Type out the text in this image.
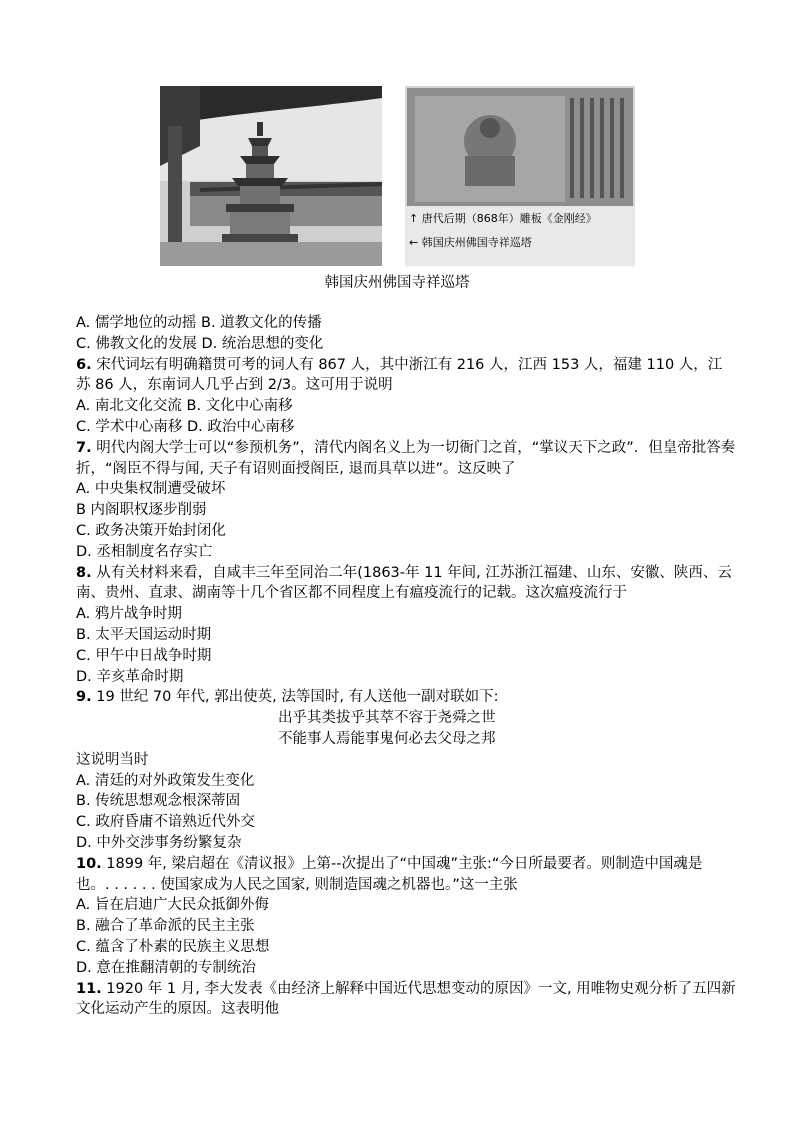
↑ 唐代后期（868年）雕板《金刚经》
← 韩国庆州佛国寺祥巡塔
韩国庆州佛国寺祥巡塔
A. 儒学地位的动摇 B. 道教文化的传播
C. 佛教文化的发展 D. 统治思想的变化
6. 宋代词坛有明确籍贯可考的词人有 867 人，其中浙江有 216 人，江西 153 人，福建 110 人，江苏 86 人，东南词人几乎占到 2/3。这可用于说明
A. 南北文化交流 B. 文化中心南移
C. 学术中心南移 D. 政治中心南移
7. 明代内阁大学士可以“参预机务”，清代内阁名义上为一切衙门之首，“掌议天下之政”．但皇帝批答奏折，“阁臣不得与闻, 天子有诏则面授阁臣, 退而具草以进”。这反映了
A. 中央集权制遭受破坏
B 内阁职权逐步削弱
C. 政务决策开始封闭化
D. 丞相制度名存实亡
8. 从有关材料来看，自咸丰三年至同治二年(1863-年 11 年间, 江苏浙江福建、山东、安徽、陕西、云南、贵州、直隶、湖南等十几个省区都不同程度上有瘟疫流行的记载。这次瘟疫流行于
A. 鸦片战争时期
B. 太平天国运动时期
C. 甲午中日战争时期
D. 辛亥革命时期
9. 19 世纪 70 年代, 郭出使英, 法等国时, 有人送他一副对联如下:
出乎其类拔乎其萃不容于尧舜之世
不能事人焉能事鬼何必去父母之邦
这说明当时
A. 清廷的对外政策发生变化
B. 传统思想观念根深蒂固
C. 政府昏庸不谙熟近代外交
D. 中外交涉事务纷繁复杂
10. 1899 年, 梁启超在《清议报》上第--次提出了“中国魂”主张:“今日所最要者。则制造中国魂是也。. . . . . . 使国家成为人民之国家, 则制造国魂之机器也。”这一主张
A. 旨在启迪广大民众抵御外侮
B. 融合了革命派的民主主张
C. 蕴含了朴素的民族主义思想
D. 意在推翻清朝的专制统治
11. 1920 年 1 月, 李大发表《由经济上解释中国近代思想变动的原因》一文, 用唯物史观分析了五四新文化运动产生的原因。这表明他
